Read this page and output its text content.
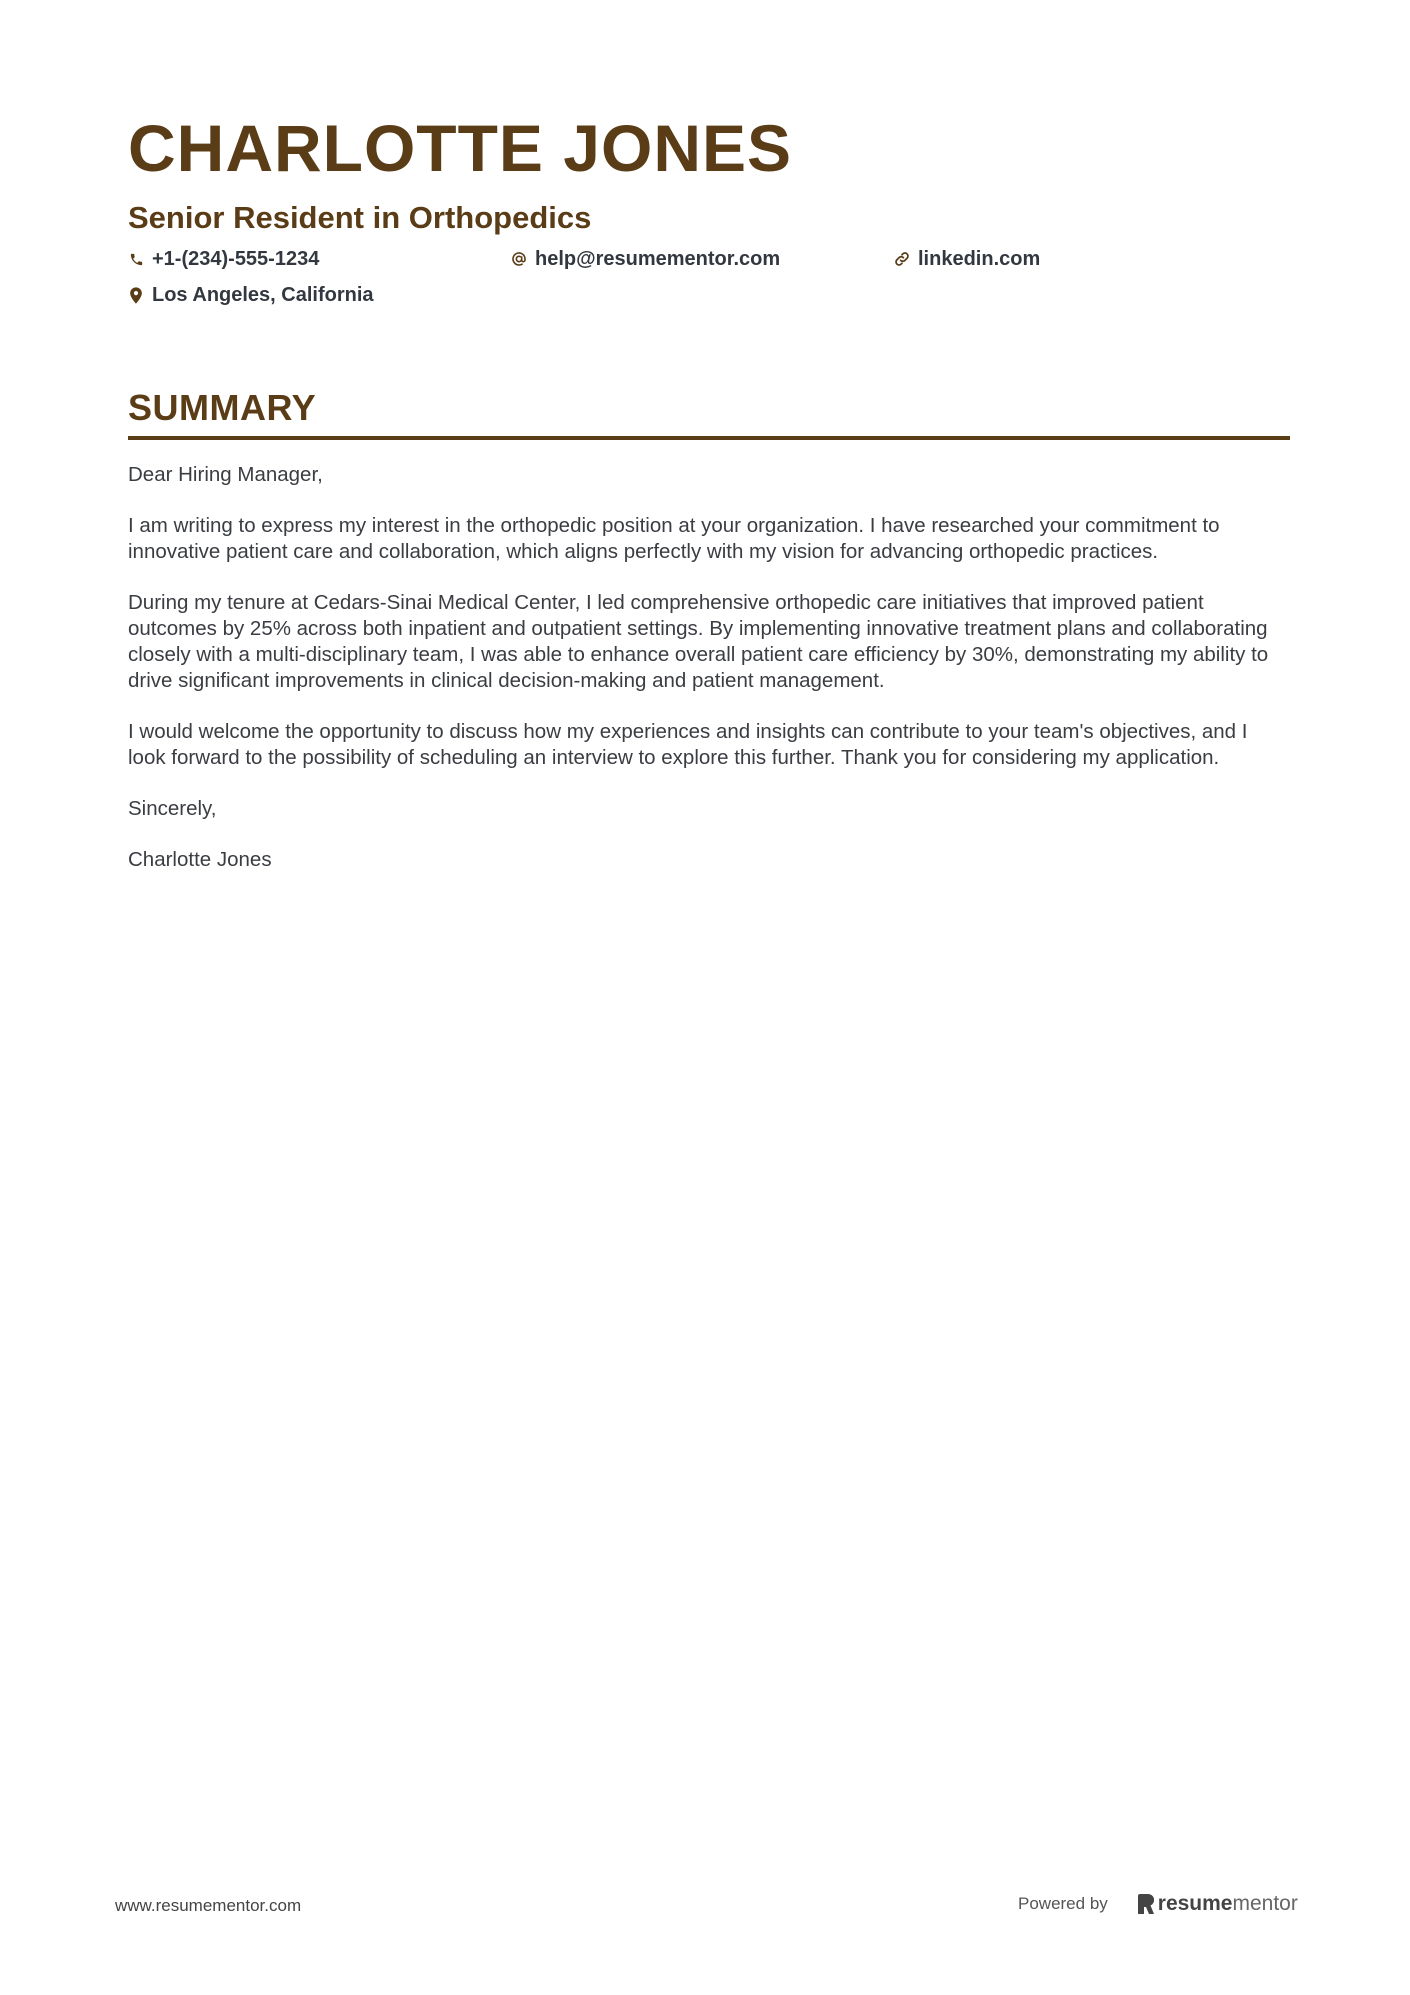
CHARLOTTE JONES
Senior Resident in Orthopedics
+1-(234)-555-1234	help@resumementor.com	linkedin.com
Los Angeles, California
SUMMARY

Dear Hiring Manager,

I am writing to express my interest in the orthopedic position at your organization. I have researched your commitment to innovative patient care and collaboration, which aligns perfectly with my vision for advancing orthopedic practices.

During my tenure at Cedars-Sinai Medical Center, I led comprehensive orthopedic care initiatives that improved patient outcomes by 25% across both inpatient and outpatient settings. By implementing innovative treatment plans and collaborating closely with a multi-disciplinary team, I was able to enhance overall patient care efficiency by 30%, demonstrating my ability to drive significant improvements in clinical decision-making and patient management.

I would welcome the opportunity to discuss how my experiences and insights can contribute to your team's objectives, and I look forward to the possibility of scheduling an interview to explore this further. Thank you for considering my application.

Sincerely,

Charlotte Jones

www.resumementor.com	Powered by resume mentor
